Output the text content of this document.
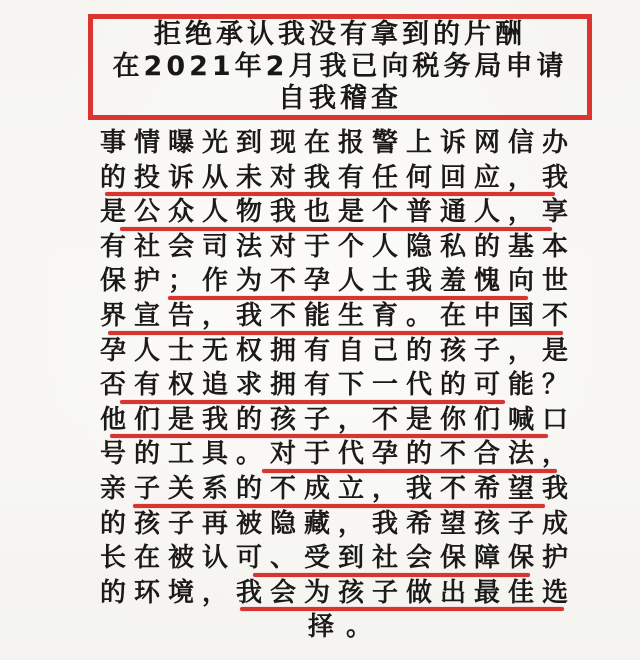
拒绝承认我没有拿到的片酬
在2021年2月我已向税务局申请
自我稽查
事情曝光到现在报警上诉网信办
的投诉从未对我有任何回应，我
是公众人物我也是个普通人，享
有社会司法对于个人隐私的基本
保护；作为不孕人士我羞愧向世
界宣告，我不能生育。在中国不
孕人士无权拥有自己的孩子，是
否有权追求拥有下一代的可能？
他们是我的孩子，不是你们喊口
号的工具。对于代孕的不合法，
亲子关系的不成立，我不希望我
的孩子再被隐藏，我希望孩子成
长在被认可、受到社会保障保护
的环境，我会为孩子做出最佳选
择。
